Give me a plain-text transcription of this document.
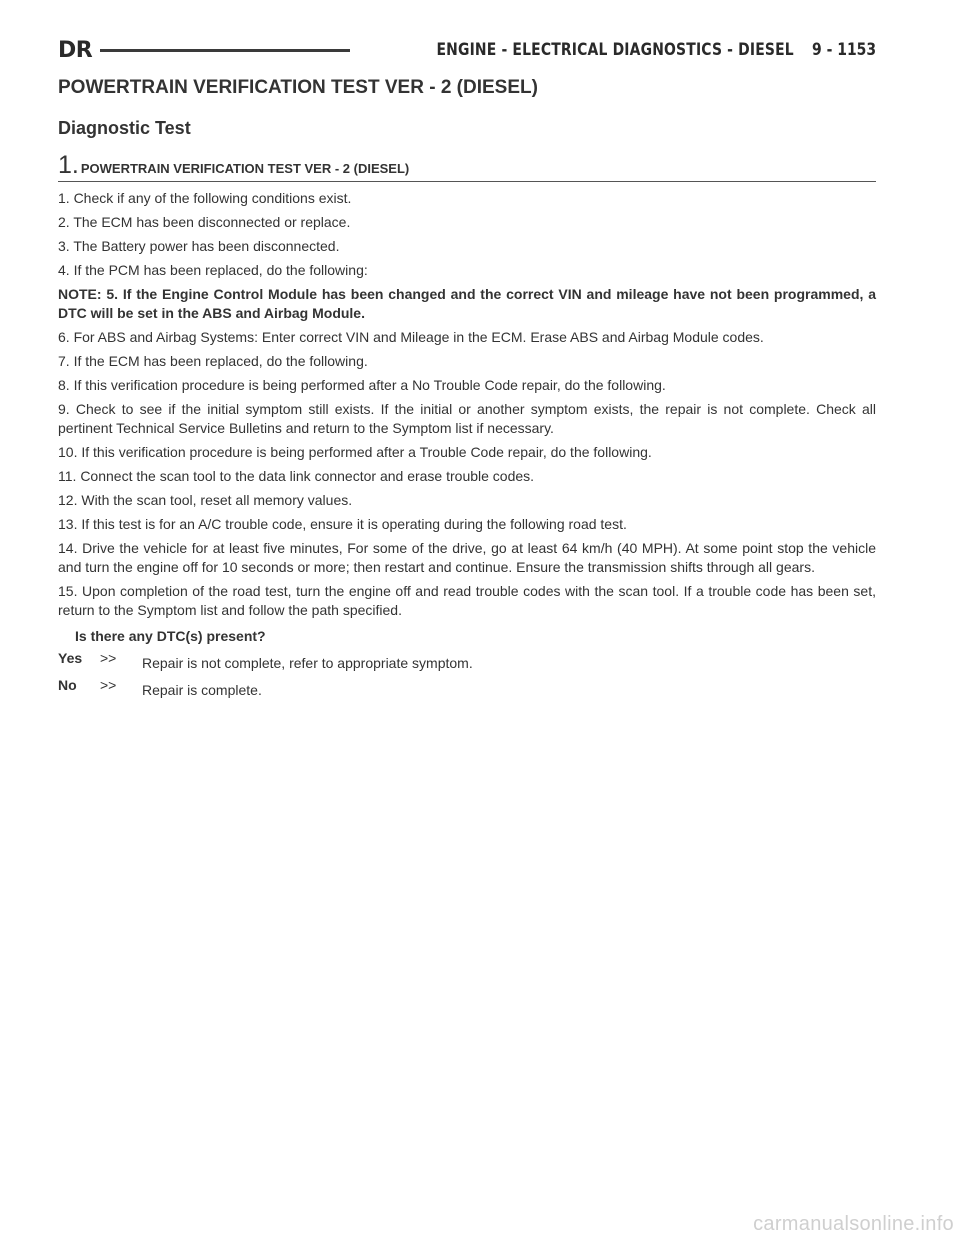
DR	ENGINE - ELECTRICAL DIAGNOSTICS - DIESEL 9 - 1153
POWERTRAIN VERIFICATION TEST VER - 2 (DIESEL)
Diagnostic Test
1. POWERTRAIN VERIFICATION TEST VER - 2 (DIESEL)

1. Check if any of the following conditions exist.

2. The ECM has been disconnected or replace.

3. The Battery power has been disconnected.

4. If the PCM has been replaced, do the following:

NOTE: 5. If the Engine Control Module has been changed and the correct VIN and mileage have not been programmed, a DTC will be set in the ABS and Airbag Module.

6. For ABS and Airbag Systems: Enter correct VIN and Mileage in the ECM. Erase ABS and Airbag Module codes.

7. If the ECM has been replaced, do the following.

8. If this verification procedure is being performed after a No Trouble Code repair, do the following.

9. Check to see if the initial symptom still exists. If the initial or another symptom exists, the repair is not complete. Check all pertinent Technical Service Bulletins and return to the Symptom list if necessary.

10. If this verification procedure is being performed after a Trouble Code repair, do the following.

11. Connect the scan tool to the data link connector and erase trouble codes.

12. With the scan tool, reset all memory values.

13. If this test is for an A/C trouble code, ensure it is operating during the following road test.

14. Drive the vehicle for at least five minutes, For some of the drive, go at least 64 km/h (40 MPH). At some point stop the vehicle and turn the engine off for 10 seconds or more; then restart and continue. Ensure the transmission shifts through all gears.

15. Upon completion of the road test, turn the engine off and read trouble codes with the scan tool. If a trouble code has been set, return to the Symptom list and follow the path specified.

Is there any DTC(s) present?
Yes	>>	Repair is not complete, refer to appropriate symptom.
No	>>	Repair is complete.
carmanualsonline.info
